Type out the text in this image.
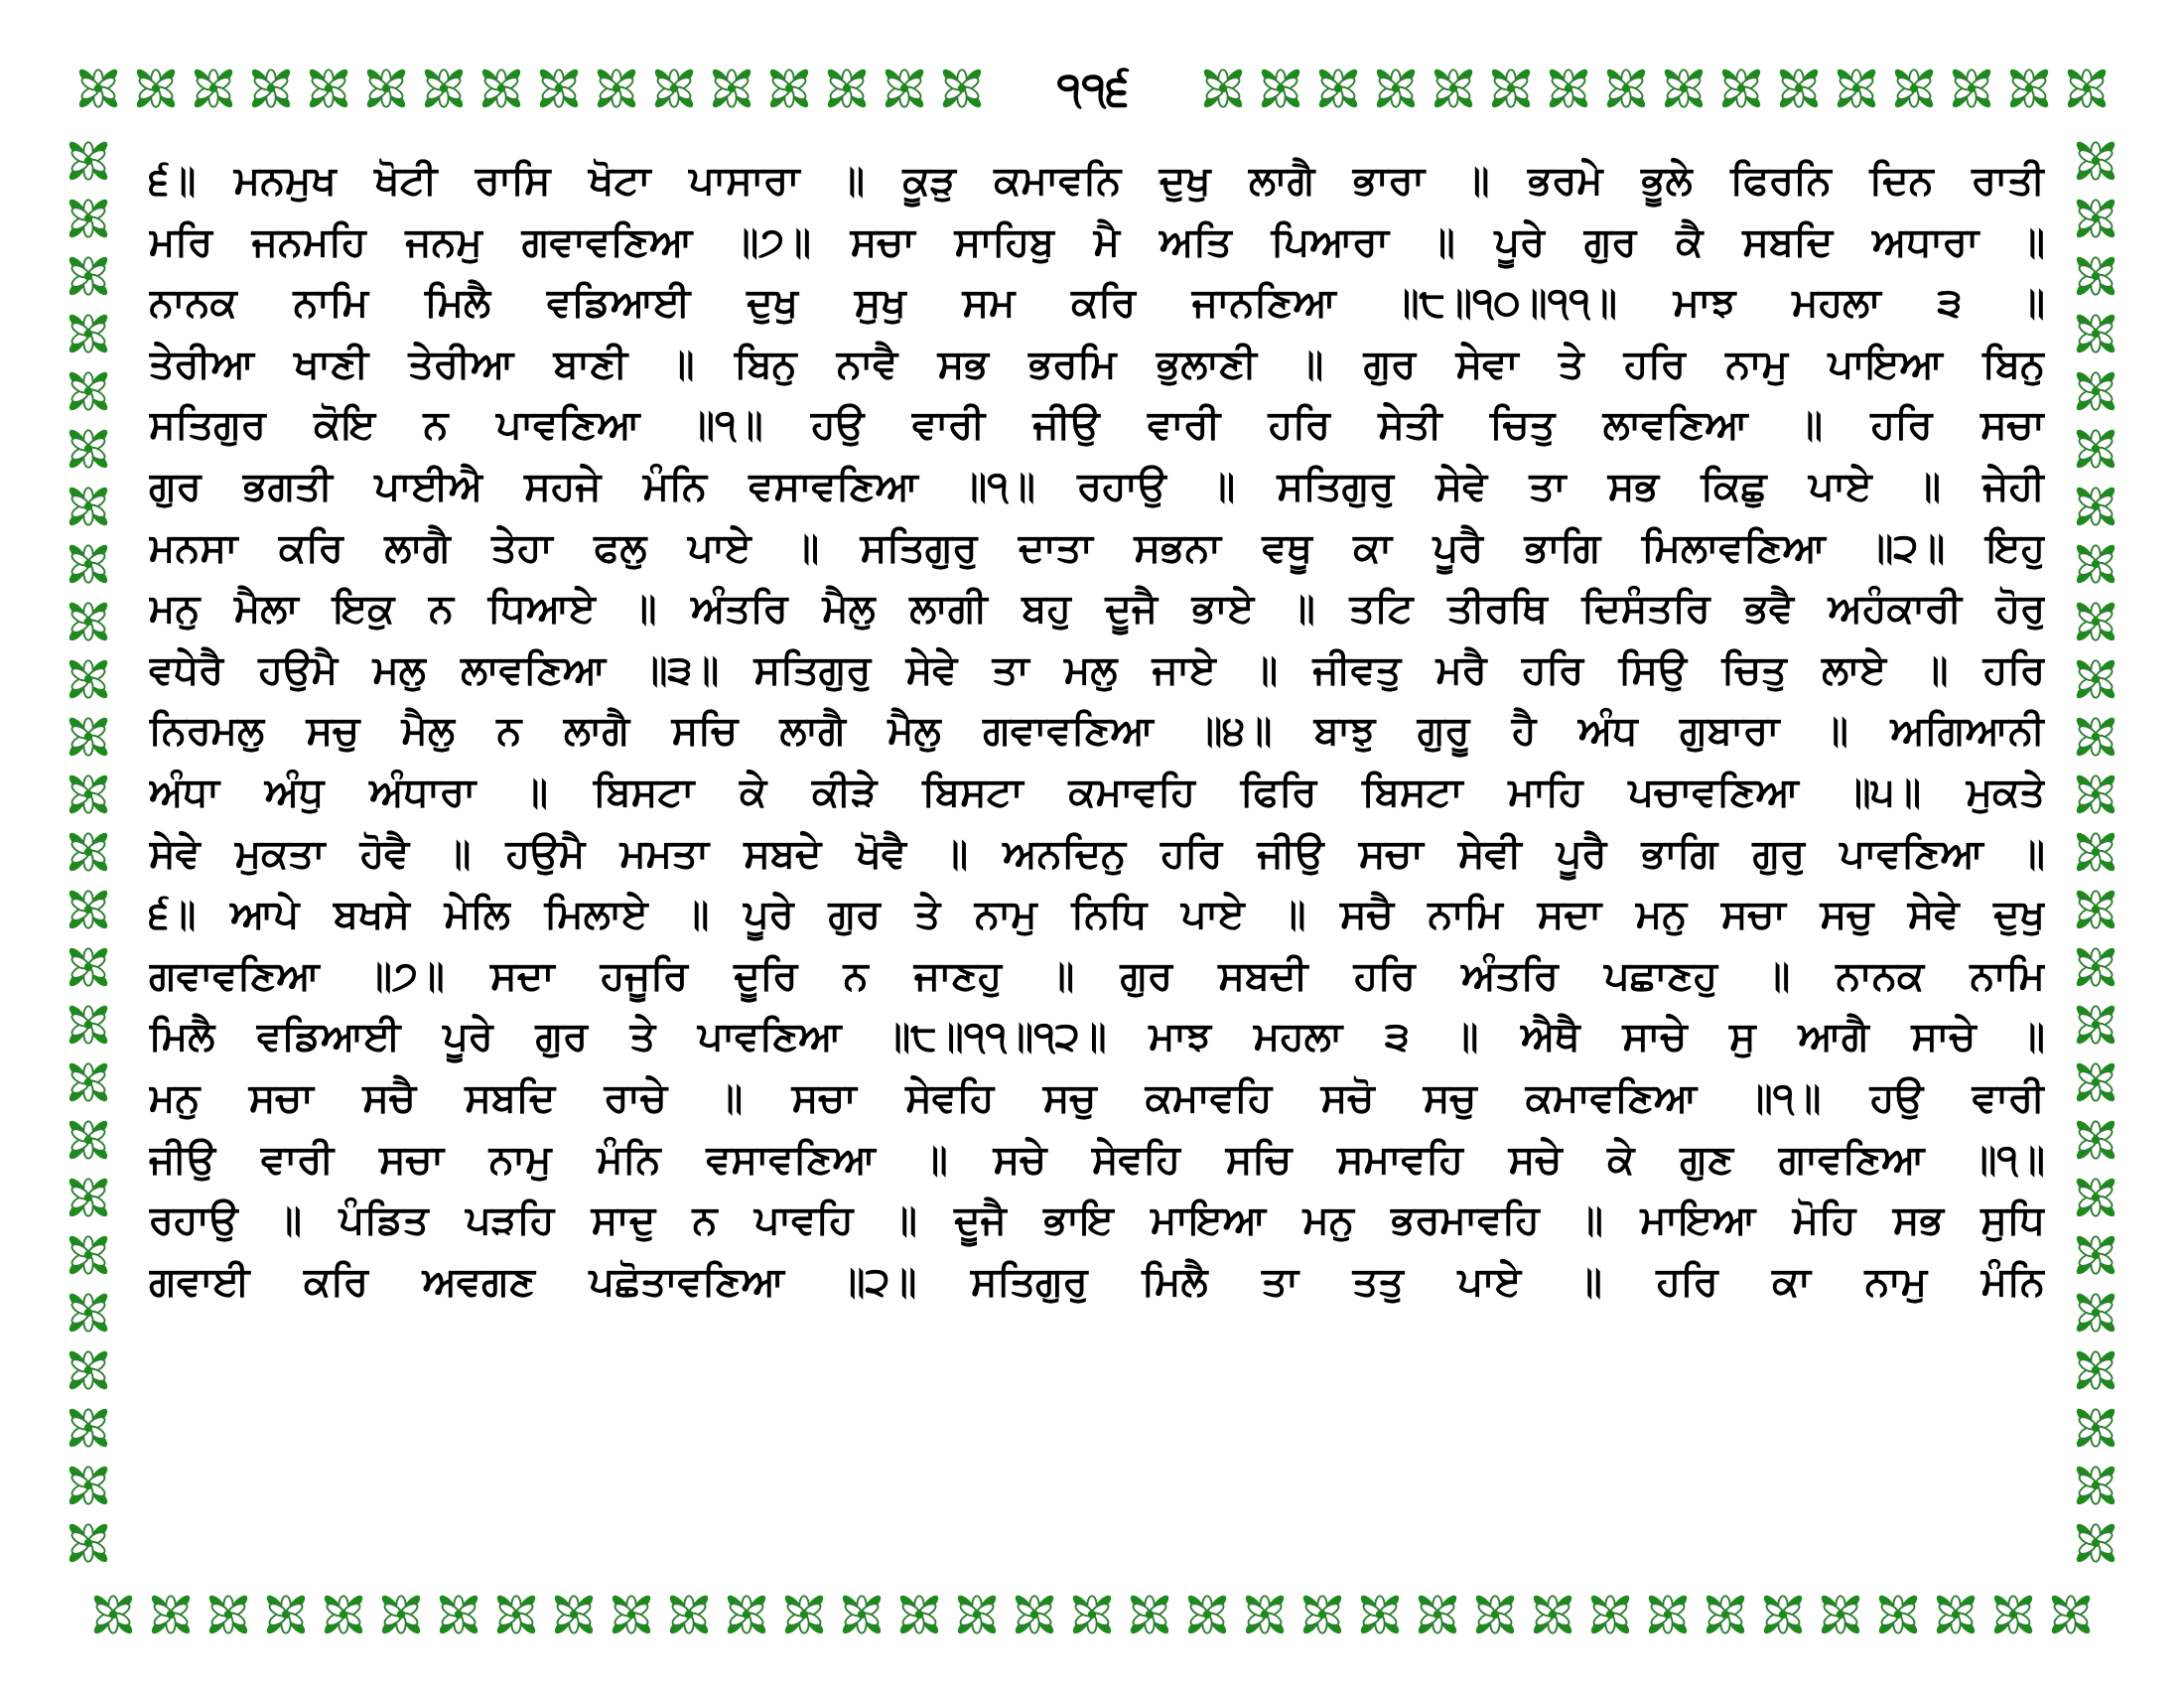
੧੧੬
੬॥ ਮਨਮੁਖ ਖੋਟੀ ਰਾਸਿ ਖੋਟਾ ਪਾਸਾਰਾ ॥ ਕੂੜੁ ਕਮਾਵਨਿ ਦੁਖੁ ਲਾਗੈ ਭਾਰਾ ॥ ਭਰਮੇ ਭੂਲੇ ਫਿਰਨਿ ਦਿਨ ਰਾਤੀ
ਮਰਿ ਜਨਮਹਿ ਜਨਮੁ ਗਵਾਵਣਿਆ ॥੭॥ ਸਚਾ ਸਾਹਿਬੁ ਮੈ ਅਤਿ ਪਿਆਰਾ ॥ ਪੂਰੇ ਗੁਰ ਕੈ ਸਬਦਿ ਅਧਾਰਾ ॥
ਨਾਨਕ ਨਾਮਿ ਮਿਲੈ ਵਡਿਆਈ ਦੁਖੁ ਸੁਖੁ ਸਮ ਕਰਿ ਜਾਨਣਿਆ ॥੮॥੧੦॥੧੧॥ ਮਾਝ ਮਹਲਾ ੩ ॥
ਤੇਰੀਆ ਖਾਣੀ ਤੇਰੀਆ ਬਾਣੀ ॥ ਬਿਨੁ ਨਾਵੈ ਸਭ ਭਰਮਿ ਭੁਲਾਣੀ ॥ ਗੁਰ ਸੇਵਾ ਤੇ ਹਰਿ ਨਾਮੁ ਪਾਇਆ ਬਿਨੁ
ਸਤਿਗੁਰ ਕੋਇ ਨ ਪਾਵਣਿਆ ॥੧॥ ਹਉ ਵਾਰੀ ਜੀਉ ਵਾਰੀ ਹਰਿ ਸੇਤੀ ਚਿਤੁ ਲਾਵਣਿਆ ॥ ਹਰਿ ਸਚਾ
ਗੁਰ ਭਗਤੀ ਪਾਈਐ ਸਹਜੇ ਮੰਨਿ ਵਸਾਵਣਿਆ ॥੧॥ ਰਹਾਉ ॥ ਸਤਿਗੁਰੁ ਸੇਵੇ ਤਾ ਸਭ ਕਿਛੁ ਪਾਏ ॥ ਜੇਹੀ
ਮਨਸਾ ਕਰਿ ਲਾਗੈ ਤੇਹਾ ਫਲੁ ਪਾਏ ॥ ਸਤਿਗੁਰੁ ਦਾਤਾ ਸਭਨਾ ਵਥੂ ਕਾ ਪੂਰੈ ਭਾਗਿ ਮਿਲਾਵਣਿਆ ॥੨॥ ਇਹੁ
ਮਨੁ ਮੈਲਾ ਇਕੁ ਨ ਧਿਆਏ ॥ ਅੰਤਰਿ ਮੈਲੁ ਲਾਗੀ ਬਹੁ ਦੂਜੈ ਭਾਏ ॥ ਤਟਿ ਤੀਰਥਿ ਦਿਸੰਤਰਿ ਭਵੈ ਅਹੰਕਾਰੀ ਹੋਰੁ
ਵਧੇਰੈ ਹਉਮੈ ਮਲੁ ਲਾਵਣਿਆ ॥੩॥ ਸਤਿਗੁਰੁ ਸੇਵੇ ਤਾ ਮਲੁ ਜਾਏ ॥ ਜੀਵਤੁ ਮਰੈ ਹਰਿ ਸਿਉ ਚਿਤੁ ਲਾਏ ॥ ਹਰਿ
ਨਿਰਮਲੁ ਸਚੁ ਮੈਲੁ ਨ ਲਾਗੈ ਸਚਿ ਲਾਗੈ ਮੈਲੁ ਗਵਾਵਣਿਆ ॥੪॥ ਬਾਝੁ ਗੁਰੂ ਹੈ ਅੰਧ ਗੁਬਾਰਾ ॥ ਅਗਿਆਨੀ
ਅੰਧਾ ਅੰਧੁ ਅੰਧਾਰਾ ॥ ਬਿਸਟਾ ਕੇ ਕੀੜੇ ਬਿਸਟਾ ਕਮਾਵਹਿ ਫਿਰਿ ਬਿਸਟਾ ਮਾਹਿ ਪਚਾਵਣਿਆ ॥੫॥ ਮੁਕਤੇ
ਸੇਵੇ ਮੁਕਤਾ ਹੋਵੈ ॥ ਹਉਮੈ ਮਮਤਾ ਸਬਦੇ ਖੋਵੈ ॥ ਅਨਦਿਨੁ ਹਰਿ ਜੀਉ ਸਚਾ ਸੇਵੀ ਪੂਰੈ ਭਾਗਿ ਗੁਰੁ ਪਾਵਣਿਆ ॥
੬॥ ਆਪੇ ਬਖਸੇ ਮੇਲਿ ਮਿਲਾਏ ॥ ਪੂਰੇ ਗੁਰ ਤੇ ਨਾਮੁ ਨਿਧਿ ਪਾਏ ॥ ਸਚੈ ਨਾਮਿ ਸਦਾ ਮਨੁ ਸਚਾ ਸਚੁ ਸੇਵੇ ਦੁਖੁ
ਗਵਾਵਣਿਆ ॥੭॥ ਸਦਾ ਹਜੂਰਿ ਦੂਰਿ ਨ ਜਾਣਹੁ ॥ ਗੁਰ ਸਬਦੀ ਹਰਿ ਅੰਤਰਿ ਪਛਾਣਹੁ ॥ ਨਾਨਕ ਨਾਮਿ
ਮਿਲੈ ਵਡਿਆਈ ਪੂਰੇ ਗੁਰ ਤੇ ਪਾਵਣਿਆ ॥੮॥੧੧॥੧੨॥ ਮਾਝ ਮਹਲਾ ੩ ॥ ਐਥੈ ਸਾਚੇ ਸੁ ਆਗੈ ਸਾਚੇ ॥
ਮਨੁ ਸਚਾ ਸਚੈ ਸਬਦਿ ਰਾਚੇ ॥ ਸਚਾ ਸੇਵਹਿ ਸਚੁ ਕਮਾਵਹਿ ਸਚੋ ਸਚੁ ਕਮਾਵਣਿਆ ॥੧॥ ਹਉ ਵਾਰੀ
ਜੀਉ ਵਾਰੀ ਸਚਾ ਨਾਮੁ ਮੰਨਿ ਵਸਾਵਣਿਆ ॥ ਸਚੇ ਸੇਵਹਿ ਸਚਿ ਸਮਾਵਹਿ ਸਚੇ ਕੇ ਗੁਣ ਗਾਵਣਿਆ ॥੧॥
ਰਹਾਉ ॥ ਪੰਡਿਤ ਪੜਹਿ ਸਾਦੁ ਨ ਪਾਵਹਿ ॥ ਦੂਜੈ ਭਾਇ ਮਾਇਆ ਮਨੁ ਭਰਮਾਵਹਿ ॥ ਮਾਇਆ ਮੋਹਿ ਸਭ ਸੁਧਿ
ਗਵਾਈ ਕਰਿ ਅਵਗਣ ਪਛੋਤਾਵਣਿਆ ॥੨॥ ਸਤਿਗੁਰੁ ਮਿਲੈ ਤਾ ਤਤੁ ਪਾਏ ॥ ਹਰਿ ਕਾ ਨਾਮੁ ਮੰਨਿ
